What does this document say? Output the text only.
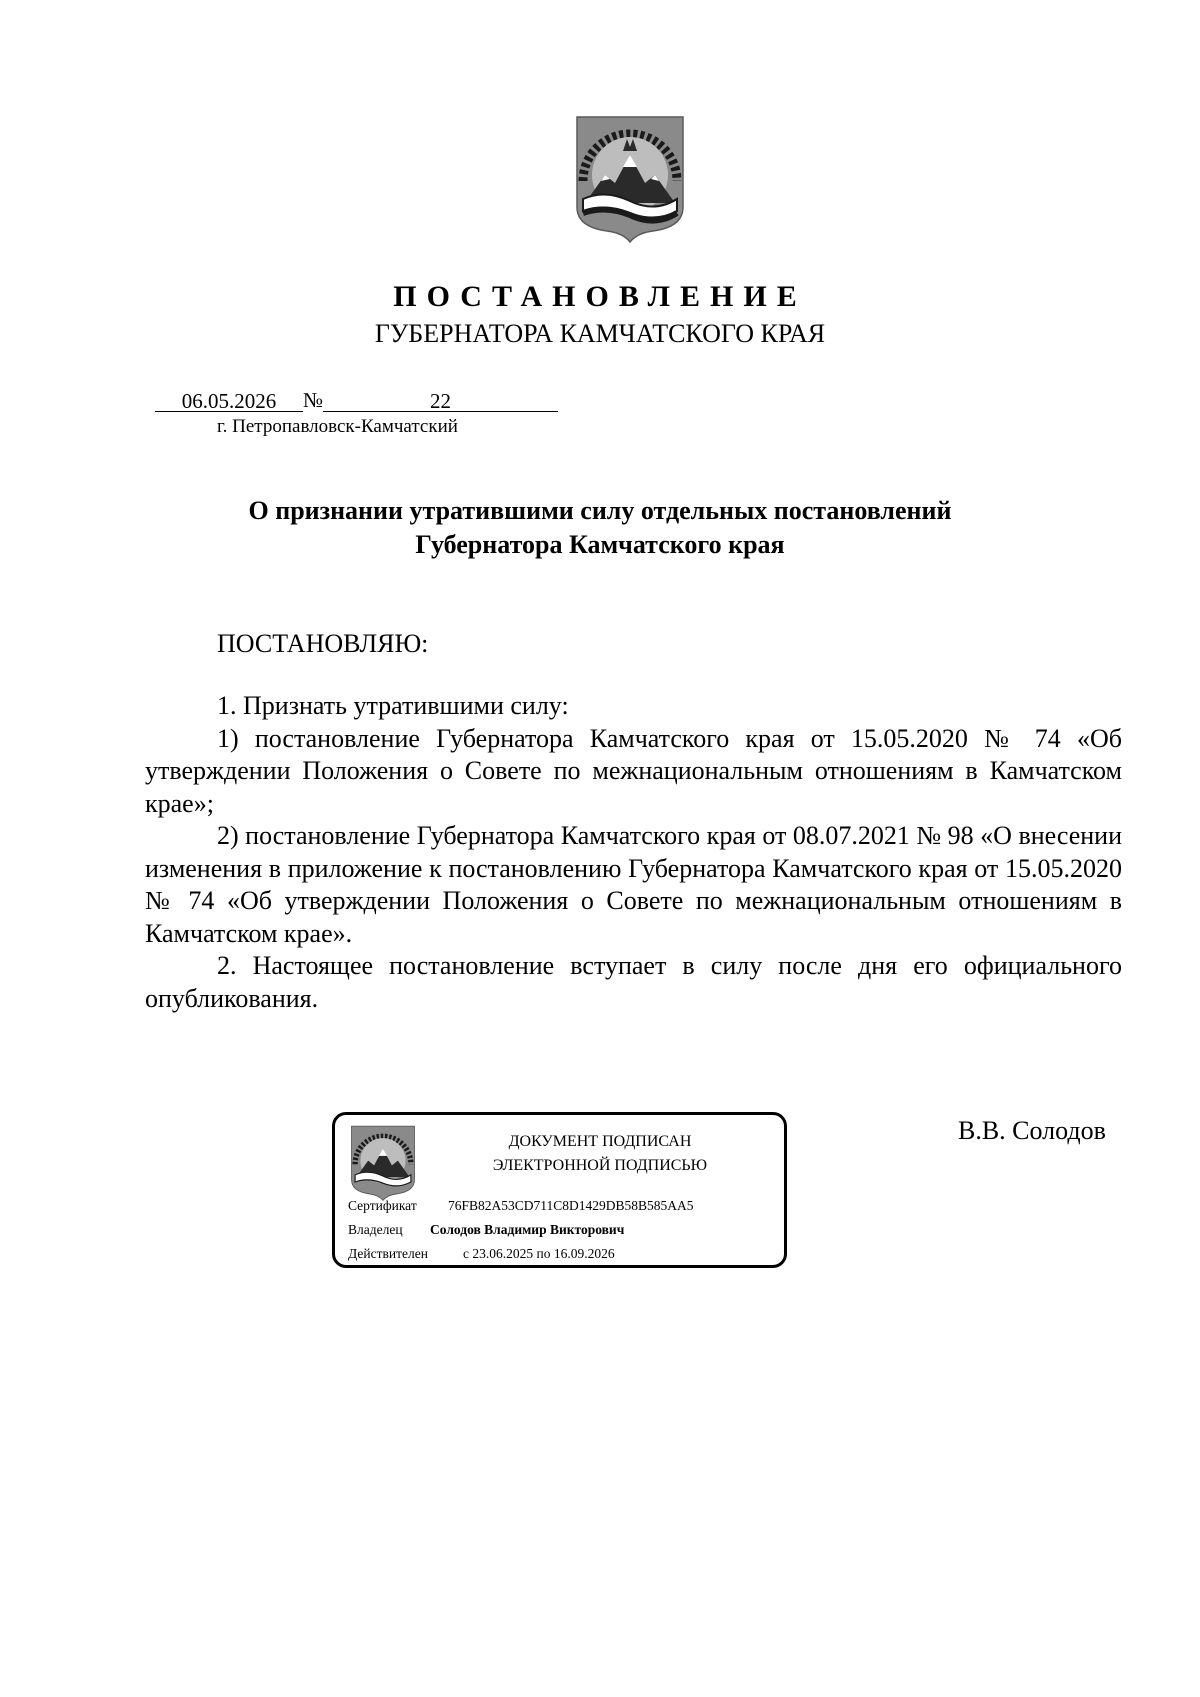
ПОСТАНОВЛЕНИЕ
ГУБЕРНАТОРА КАМЧАТСКОГО КРАЯ
06.05.2026 №	22
г. Петропавловск-Камчатский
О признании утратившими силу отдельных постановлений
Губернатора Камчатского края
ПОСТАНОВЛЯЮ:

1. Признать утратившими силу:

1) постановление Губернатора Камчатского края от 15.05.2020 № 74 «Об утверждении Положения о Совете по межнациональным отношениям в Камчатском крае»;

2) постановление Губернатора Камчатского края от 08.07.2021 № 98 «О внесении изменения в приложение к постановлению Губернатора Камчатского края от 15.05.2020 № 74 «Об утверждении Положения о Совете по межнациональным отношениям в Камчатском крае».

2. Настоящее постановление вступает в силу после дня его официального опубликования.

ДОКУМЕНТ ПОДПИСАН
ЭЛЕКТРОННОЙ ПОДПИСЬЮ
Сертификат 76FB82A53CD711C8D1429DB58B585AA5
Владелец Солодов Владимир Викторович
Действителен	с 23.06.2025 по 16.09.2026
В.В. Солодов
